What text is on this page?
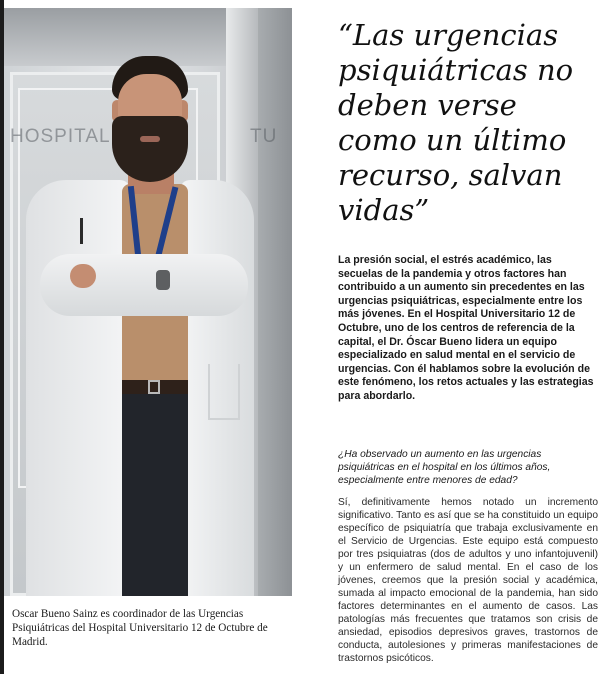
HOSPITAL	TU

Oscar Bueno Sainz es coordinador de las Urgencias Psiquiátricas del Hospital Universitario 12 de Octubre de Madrid.

“Las urgencias psiquiátricas no deben verse como un último recurso, salvan vidas”

La presión social, el estrés académico, las secuelas de la pandemia y otros factores han contribuido a un aumento sin precedentes en las urgencias psiquiátricas, especialmente entre los más jóvenes. En el Hospital Universitario 12 de Octubre, uno de los centros de referencia de la capital, el Dr. Óscar Bueno lidera un equipo especializado en salud mental en el servicio de urgencias. Con él hablamos sobre la evolución de este fenómeno, los retos actuales y las estrategias para abordarlo.

¿Ha observado un aumento en las urgencias psiquiátricas en el hospital en los últimos años, especialmente entre menores de edad?

Sí, definitivamente hemos notado un incremento significativo. Tanto es así que se ha constituido un equipo específico de psiquiatría que trabaja exclusivamente en el Servicio de Urgencias. Este equipo está compuesto por tres psiquiatras (dos de adultos y uno infantojuvenil) y un enfermero de salud mental. En el caso de los jóvenes, creemos que la presión social y académica, sumada al impacto emocional de la pandemia, han sido factores determinantes en el aumento de casos. Las patologías más frecuentes que tratamos son crisis de ansiedad, episodios depresivos graves, trastornos de conducta, autolesiones y primeras manifestaciones de trastornos psicóticos.
